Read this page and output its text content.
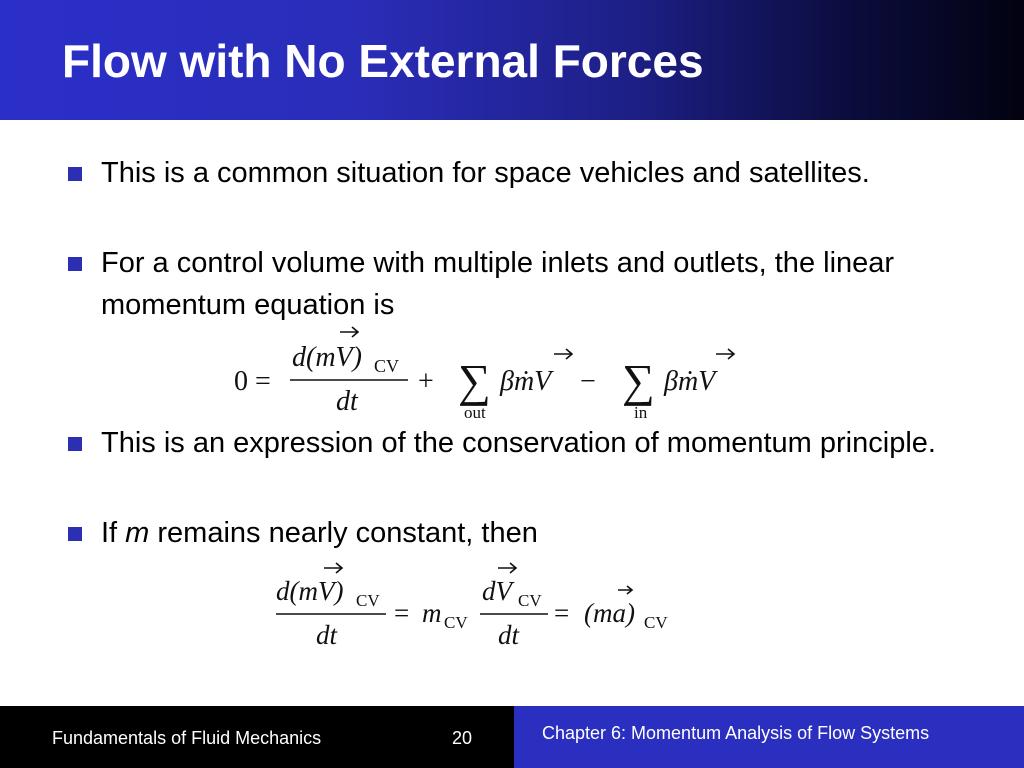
Flow with No External Forces
This is a common situation for space vehicles and satellites.
For a control volume with multiple inlets and outlets, the linear momentum equation is
0 =
d(mV) CV
dt
+ ∑
out
βṁV − ∑
in
βṁV
This is an expression of the conservation of momentum principle.
If m remains nearly constant, then
d(mV) CV
dt
= m CV
dV CV
dt
= (ma) CV
Fundamentals of Fluid Mechanics	20	Chapter 6: Momentum Analysis of Flow Systems
